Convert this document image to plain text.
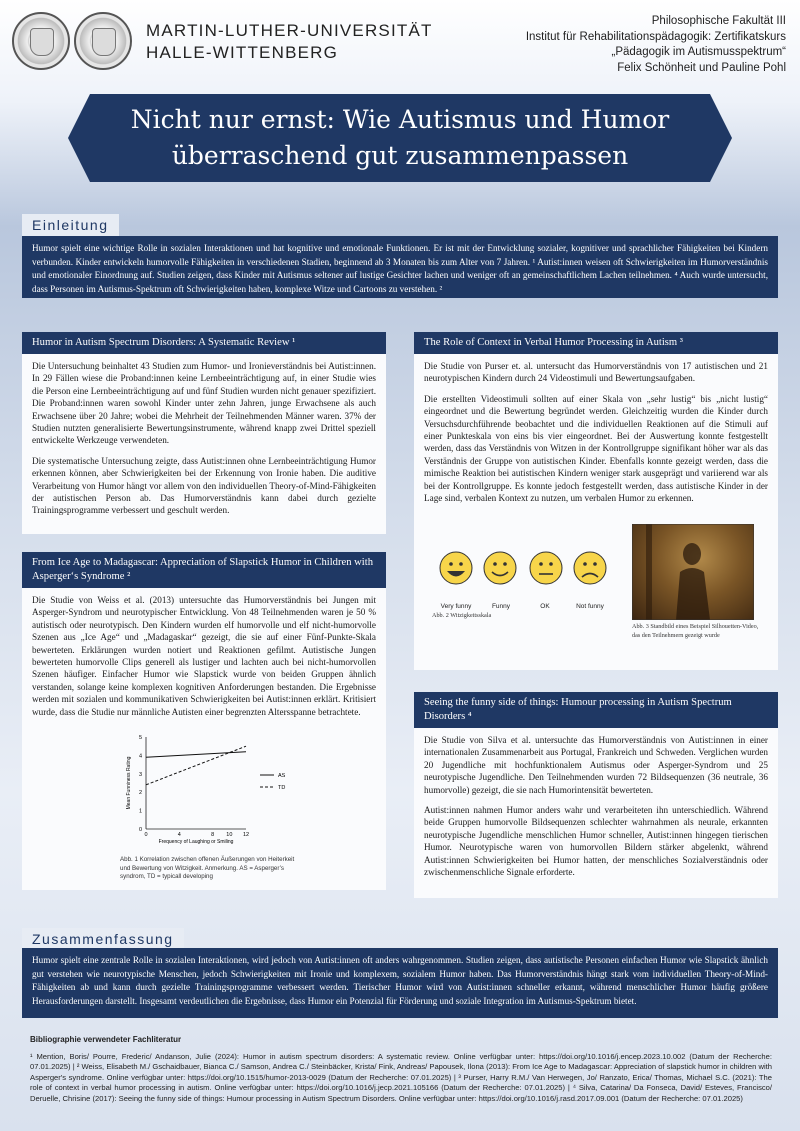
MARTIN-LUTHER-UNIVERSITÄT
HALLE-WITTENBERG
Philosophische Fakultät III
Institut für Rehabilitationspädagogik: Zertifikatskurs
„Pädagogik im Autismusspektrum“
Felix Schönheit und Pauline Pohl
Nicht nur ernst: Wie Autismus und Humor
überraschend gut zusammenpassen
Einleitung
Humor spielt eine wichtige Rolle in sozialen Interaktionen und hat kognitive und emotionale Funktionen. Er ist mit der Entwicklung sozialer, kognitiver und sprachlicher Fähigkeiten bei Kindern verbunden. Kinder entwickeln humorvolle Fähigkeiten in verschiedenen Stadien, beginnend ab 3 Monaten bis zum Alter von 7 Jahren. ¹ Autist:innen weisen oft Schwierigkeiten im Humorverständnis und emotionaler Einordnung auf. Studien zeigen, dass Kinder mit Autismus seltener auf lustige Gesichter lachen und weniger oft an gemeinschaftlichem Lachen teilnehmen. ⁴ Auch wurde untersucht, dass Personen im Autismus-Spektrum oft Schwierigkeiten haben, komplexe Witze und Cartoons zu verstehen. ²
Humor in Autism Spectrum Disorders: A Systematic Review ¹

Die Untersuchung beinhaltet 43 Studien zum Humor- und Ironieverständnis bei Autist:innen. In 29 Fällen wiese die Proband:innen keine Lernbeeinträchtigung auf, in einer Studie wies die Person eine Lernbeeinträchtigung auf und fünf Studien wurden nicht genauer spezifiziert. Die Proband:innen waren sowohl Kinder unter zehn Jahren, junge Erwachsene als auch Erwachsene über 20 Jahre; wobei die Mehrheit der Teilnehmenden Männer waren. 37% der Studien nutzten generalisierte Bewertungsinstrumente, während knapp zwei Drittel speziell entwickelte Werkzeuge verwendeten.

Die systematische Untersuchung zeigte, dass Autist:innen ohne Lernbeeinträchtigung Humor erkennen können, aber Schwierigkeiten bei der Erkennung von Ironie haben. Die auditive Verarbeitung von Humor hängt vor allem von den individuellen Theory-of-Mind-Fähigkeiten der autistischen Person ab. Das Humorverständnis kann dabei durch gezielte Trainingsprogramme verbessert und geschult werden.

The Role of Context in Verbal Humor Processing in Autism ³

Die Studie von Purser et. al. untersucht das Humorverständnis von 17 autistischen und 21 neurotypischen Kindern durch 24 Videostimuli und Bewertungsaufgaben.

Die erstellten Videostimuli sollten auf einer Skala von „sehr lustig“ bis „nicht lustig“ eingeordnet und die Bewertung begründet werden. Gleichzeitig wurden die Kinder durch Versuchsdurchführende beobachtet und die individuellen Reaktionen auf die Stimuli auf einer Punkteskala von eins bis vier eingeordnet. Bei der Auswertung konnte festgestellt werden, dass das Verständnis von Witzen in der Kontrollgruppe signifikant höher war als das Verständnis der Gruppe von autistischen Kinder. Ebenfalls konnte gezeigt werden, dass die mimische Reaktion bei autistischen Kindern weniger stark ausgeprägt und variierend war als bei der Kontrollgruppe. Es konnte jedoch festgestellt werden, dass autistische Kinder in der Lage sind, verbalen Kontext zu nutzen, um verbalen Humor zu erkennen.

Very funny	Funny	OK	Not funny
Abb. 2 Witzigkeitsskala
Abb. 3 Standbild eines Beispiel Silhouetten-Video, das den Teilnehmern gezeigt wurde
From Ice Age to Madagascar: Appreciation of Slapstick Humor in Children with Asperger‘s Syndrome ²

Die Studie von Weiss et al. (2013) untersuchte das Humorverständnis bei Jungen mit Asperger-Syndrom und neurotypischer Entwicklung. Von 48 Teilnehmenden waren je 50 % autistisch oder neurotypisch. Den Kindern wurden elf humorvolle und elf nicht-humorvolle Szenen aus „Ice Age“ und „Madagaskar“ gezeigt, die sie auf einer Fünf-Punkte-Skala bewerteten. Erklärungen wurden notiert und Reaktionen gefilmt. Autistische Jungen bewerteten humorvolle Clips generell als lustiger und lachten auch bei nicht-humorvollen Szenen häufiger. Einfacher Humor wie Slapstick wurde von beiden Gruppen ähnlich verstanden, solange keine komplexen kognitiven Anforderungen bestanden. Die Ergebnisse werden mit sozialen und kommunikativen Schwierigkeiten bei Autist:innen erklärt. Kritisiert wurde, dass die Studie nur männliche Autisten einer begrenzten Altersspanne betrachtete.

0
1
2
3
4
5
0	4	8 10 12
Frequency of Laughing or Smiling
Mean Funniness Rating	AS
TD
Abb. 1 Korrelation zwischen offenen Äußerungen von Heiterkeit und Bewertung von Witzigkeit. Anmerkung. AS = Asperger’s syndrom, TD = typicall developing
Seeing the funny side of things: Humour processing in Autism Spectrum Disorders ⁴

Die Studie von Silva et al. untersuchte das Humorverständnis von Autist:innen in einer internationalen Zusammenarbeit aus Portugal, Frankreich und Schweden. Verglichen wurden 20 Jugendliche mit hochfunktionalem Autismus oder Asperger-Syndrom und 25 neurotypische Jugendliche. Den Teilnehmenden wurden 72 Bildsequenzen (36 neutrale, 36 humorvolle) gezeigt, die sie nach Humorintensität bewerteten.

Autist:innen nahmen Humor anders wahr und verarbeiteten ihn unterschiedlich. Während beide Gruppen humorvolle Bildsequenzen schlechter wahrnahmen als neurale, erkannten neurotypische Jugendliche menschlichen Humor schneller, Autist:innen hingegen tierischen Humor. Neurotypische waren von humorvollen Bildern stärker abgelenkt, während Autist:innen Schwierigkeiten bei Humor hatten, der menschliches Sozialverständnis oder zwischenmenschliche Signale erforderte.

Zusammenfassung
Humor spielt eine zentrale Rolle in sozialen Interaktionen, wird jedoch von Autist:innen oft anders wahrgenommen. Studien zeigen, dass autistische Personen einfachen Humor wie Slapstick ähnlich gut verstehen wie neurotypische Menschen, jedoch Schwierigkeiten mit Ironie und komplexem, sozialem Humor haben. Das Humorverständnis hängt stark vom individuellen Theory-of-Mind-Fähigkeiten ab und kann durch gezielte Trainingsprogramme verbessert werden. Tierischer Humor wird von Autist:innen schneller erkannt, während menschlicher Humor häufig größere Herausforderungen darstellt. Insgesamt verdeutlichen die Ergebnisse, dass Humor ein Potenzial für Förderung und soziale Integration im Autismus-Spektrum bietet.
Bibliographie verwendeter Fachliteratur
¹ Mention, Boris/ Pourre, Frederic/ Andanson, Julie (2024): Humor in autism spectrum disorders: A systematic review. Online verfügbar unter: https://doi.org/10.1016/j.encep.2023.10.002 (Datum der Recherche: 07.01.2025) | ² Weiss, Elisabeth M./ Gschaidbauer, Bianca C./ Samson, Andrea C./ Steinbäcker, Krista/ Fink, Andreas/ Papousek, Ilona (2013): From Ice Age to Madagascar: Appreciation of slapstick humor in children with Asperger's syndrome. Online verfügbar unter: https://doi.org/10.1515/humor-2013-0029 (Datum der Recherche: 07.01.2025) | ³ Purser, Harry R.M./ Van Herwegen, Jo/ Ranzato, Erica/ Thomas, Michael S.C. (2021): The role of context in verbal humor processing in autism. Online verfügbar unter: https://doi.org/10.1016/j.jecp.2021.105166 (Datum der Recherche: 07.01.2025) | ⁴ Silva, Catarina/ Da Fonseca, David/ Esteves, Francisco/ Deruelle, Chrisine (2017): Seeing the funny side of things: Humour processing in Autism Spectrum Disorders. Online verfügbar unter: https://doi.org/10.1016/j.rasd.2017.09.001 (Datum der Recherche: 07.01.2025)
